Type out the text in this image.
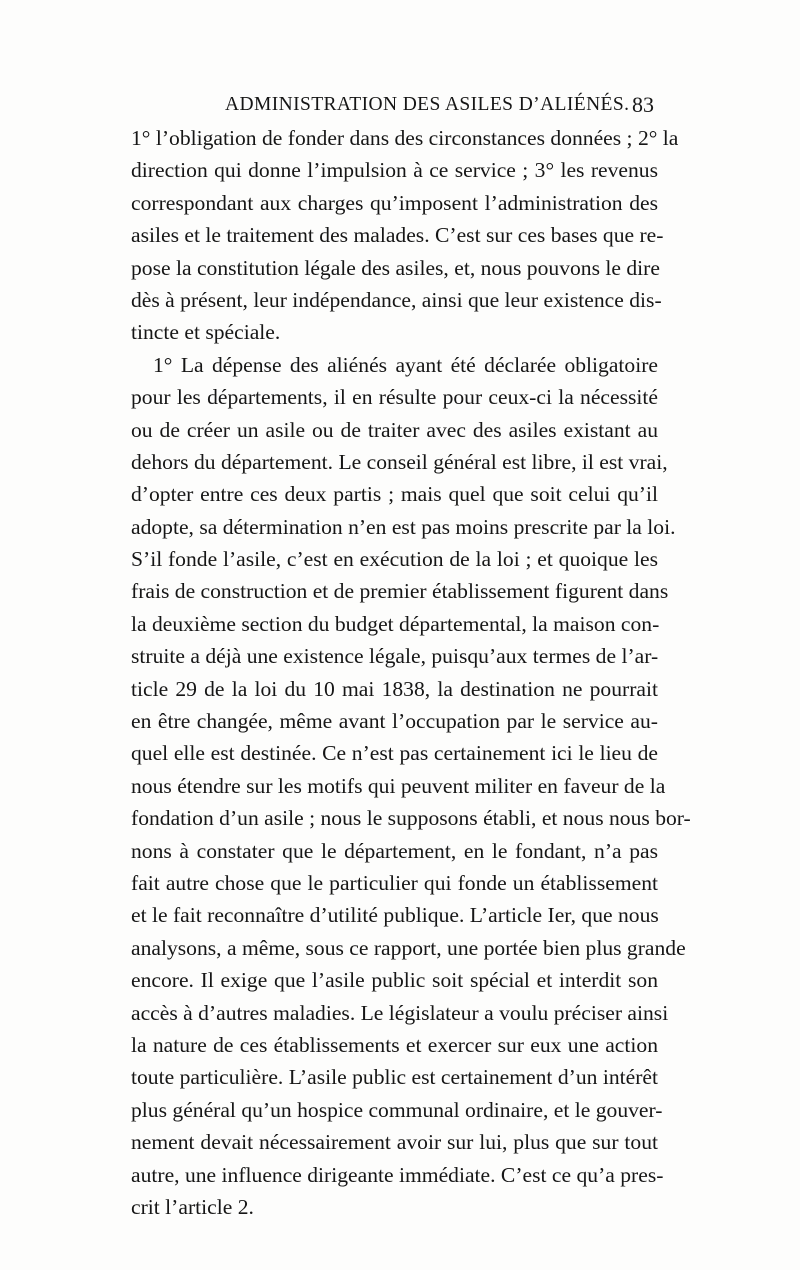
ADMINISTRATION DES ASILES D’ALIÉNÉS. 83
1° l’obligation de fonder dans des circonstances données ; 2° la
direction qui donne l’impulsion à ce service ; 3° les revenus
correspondant aux charges qu’imposent l’administration des
asiles et le traitement des malades. C’est sur ces bases que re-
pose la constitution légale des asiles, et, nous pouvons le dire
dès à présent, leur indépendance, ainsi que leur existence dis-
tincte et spéciale.
1° La dépense des aliénés ayant été déclarée obligatoire
pour les départements, il en résulte pour ceux-ci la nécessité
ou de créer un asile ou de traiter avec des asiles existant au
dehors du département. Le conseil général est libre, il est vrai,
d’opter entre ces deux partis ; mais quel que soit celui qu’il
adopte, sa détermination n’en est pas moins prescrite par la loi.
S’il fonde l’asile, c’est en exécution de la loi ; et quoique les
frais de construction et de premier établissement figurent dans
la deuxième section du budget départemental, la maison con-
struite a déjà une existence légale, puisqu’aux termes de l’ar-
ticle 29 de la loi du 10 mai 1838, la destination ne pourrait
en être changée, même avant l’occupation par le service au-
quel elle est destinée. Ce n’est pas certainement ici le lieu de
nous étendre sur les motifs qui peuvent militer en faveur de la
fondation d’un asile ; nous le supposons établi, et nous nous bor-
nons à constater que le département, en le fondant, n’a pas
fait autre chose que le particulier qui fonde un établissement
et le fait reconnaître d’utilité publique. L’article Ier, que nous
analysons, a même, sous ce rapport, une portée bien plus grande
encore. Il exige que l’asile public soit spécial et interdit son
accès à d’autres maladies. Le législateur a voulu préciser ainsi
la nature de ces établissements et exercer sur eux une action
toute particulière. L’asile public est certainement d’un intérêt
plus général qu’un hospice communal ordinaire, et le gouver-
nement devait nécessairement avoir sur lui, plus que sur tout
autre, une influence dirigeante immédiate. C’est ce qu’a pres-
crit l’article 2.
